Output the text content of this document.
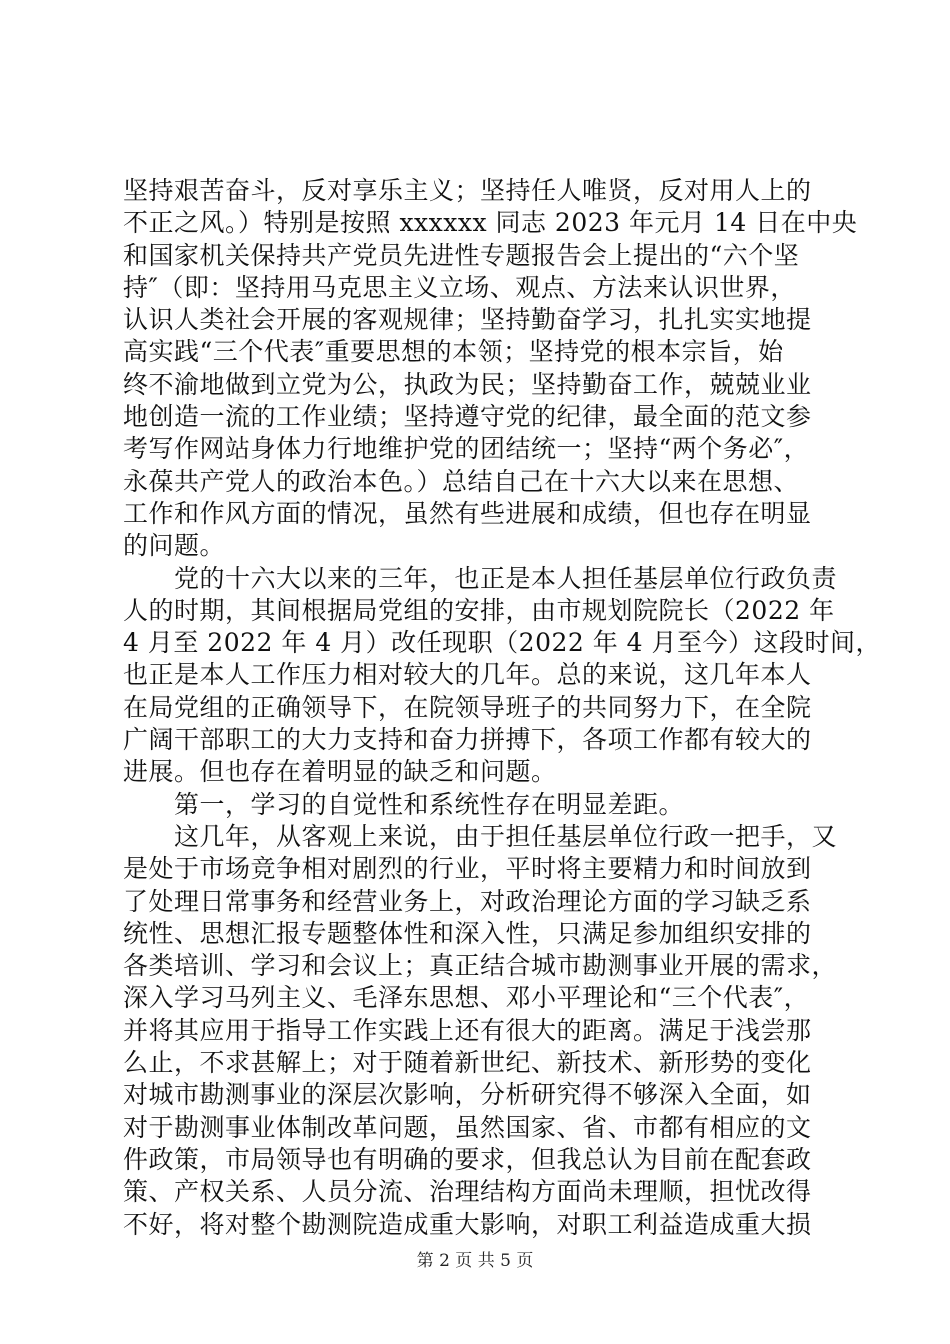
坚持艰苦奋斗，反对享乐主义；坚持任人唯贤，反对用人上的
不正之风。）特别是按照 xxxxxx 同志 2023 年元月 14 日在中央
和国家机关保持共产党员先进性专题报告会上提出的“六个坚
持″（即：坚持用马克思主义立场、观点、方法来认识世界，
认识人类社会开展的客观规律；坚持勤奋学习，扎扎实实地提
高实践“三个代表″重要思想的本领；坚持党的根本宗旨，始
终不渝地做到立党为公，执政为民；坚持勤奋工作，兢兢业业
地创造一流的工作业绩；坚持遵守党的纪律，最全面的范文参
考写作网站身体力行地维护党的团结统一；坚持“两个务必″，
永葆共产党人的政治本色。）总结自己在十六大以来在思想、
工作和作风方面的情况，虽然有些进展和成绩，但也存在明显
的问题。
　　党的十六大以来的三年，也正是本人担任基层单位行政负责
人的时期，其间根据局党组的安排，由市规划院院长（2022 年
4 月至 2022 年 4 月）改任现职（2022 年 4 月至今）这段时间，
也正是本人工作压力相对较大的几年。总的来说，这几年本人
在局党组的正确领导下，在院领导班子的共同努力下，在全院
广阔干部职工的大力支持和奋力拼搏下，各项工作都有较大的
进展。但也存在着明显的缺乏和问题。
　　第一，学习的自觉性和系统性存在明显差距。
　　这几年，从客观上来说，由于担任基层单位行政一把手，又
是处于市场竞争相对剧烈的行业，平时将主要精力和时间放到
了处理日常事务和经营业务上，对政治理论方面的学习缺乏系
统性、思想汇报专题整体性和深入性，只满足参加组织安排的
各类培训、学习和会议上；真正结合城市勘测事业开展的需求，
深入学习马列主义、毛泽东思想、邓小平理论和“三个代表″，
并将其应用于指导工作实践上还有很大的距离。满足于浅尝那
么止，不求甚解上；对于随着新世纪、新技术、新形势的变化
对城市勘测事业的深层次影响，分析研究得不够深入全面，如
对于勘测事业体制改革问题，虽然国家、省、市都有相应的文
件政策，市局领导也有明确的要求，但我总认为目前在配套政
策、产权关系、人员分流、治理结构方面尚未理顺，担忧改得
不好，将对整个勘测院造成重大影响，对职工利益造成重大损
第 2 页 共 5 页
